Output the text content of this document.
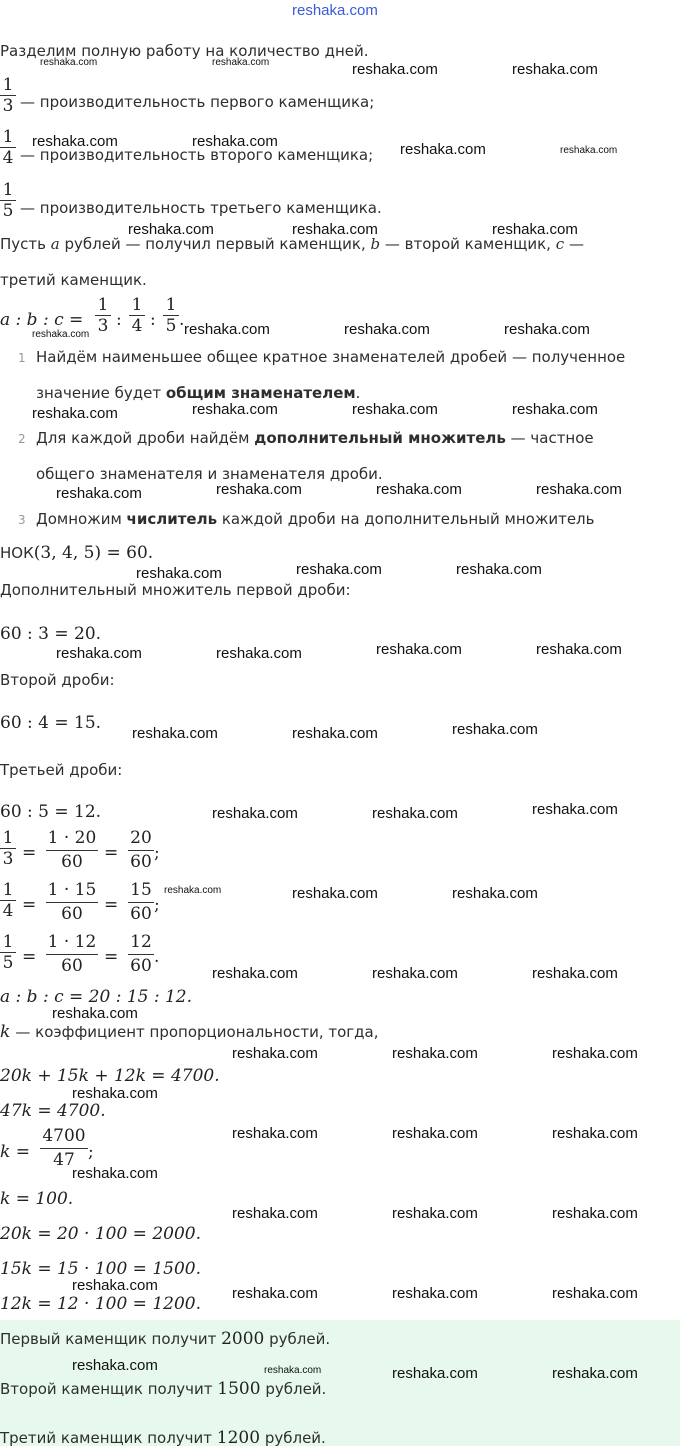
reshaka.com
Разделим полную работу на количество дней.
1
3 — производительность первого каменщика;
1
4 — производительность второго каменщика;
1
5 — производительность третьего каменщика.
Пусть a рублей — получил первый каменщик, b — второй каменщик, c —
третий каменщик.
a : b : c =
1
3 :
1
4 :
1
5 .
1 Найдём наименьшее общее кратное знаменателей дробей — полученное
значение будет общим знаменателем.
2 Для каждой дроби найдём дополнительный множитель — частное
общего знаменателя и знаменателя дроби.
3 Домножим числитель каждой дроби на дополнительный множитель
НОК(3, 4, 5) = 60.
Дополнительный множитель первой дроби:
60 : 3 = 20.
Второй дроби:
60 : 4 = 15.
Третьей дроби:
60 : 5 = 12.
1
3 =
1 · 20
60	=
20
60 ;
1
4 =
1 · 15
60	=
15
60 ;
1
5 =
1 · 12
60	=
12
60 .
a : b : c = 20 : 15 : 12.
k — коэффициент пропорциональности, тогда,
20k + 15k + 12k = 4700.
47k = 4700.
k =
4700
47 ;
k = 100.
20k = 20 · 100 = 2000.
15k = 15 · 100 = 1500.
12k = 12 · 100 = 1200.
Первый каменщик получит 2000 рублей.
Второй каменщик получит 1500 рублей.
Третий каменщик получит 1200 рублей.
reshaka.com	reshaka.com	reshaka.com	reshaka.com
reshaka.com	reshaka.com	reshaka.com	reshaka.com
reshaka.com	reshaka.com	reshaka.com
reshaka.com	reshaka.com	reshaka.com	reshaka.com
reshaka.com	reshaka.com	reshaka.com	reshaka.com
reshaka.com	reshaka.com	reshaka.com	reshaka.com
reshaka.com	reshaka.com	reshaka.com
reshaka.com	reshaka.com	reshaka.com	reshaka.com
reshaka.com	reshaka.com	reshaka.com
reshaka.com	reshaka.com	reshaka.com
reshaka.com	reshaka.com	reshaka.com
reshaka.com	reshaka.com	reshaka.com
reshaka.com
reshaka.com	reshaka.com	reshaka.com
reshaka.com
reshaka.com	reshaka.com	reshaka.com
reshaka.com
reshaka.com	reshaka.com	reshaka.com
reshaka.com	reshaka.com	reshaka.com	reshaka.com
reshaka.com	reshaka.com	reshaka.com	reshaka.com
